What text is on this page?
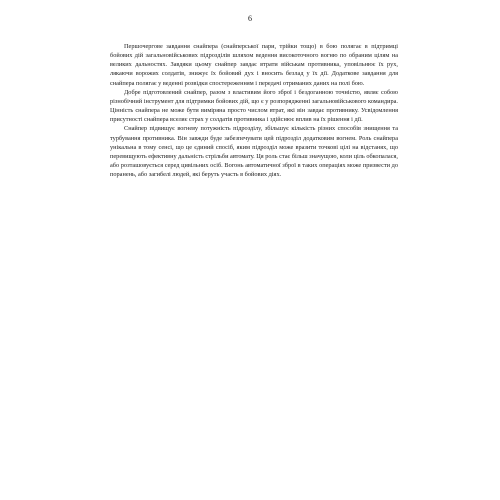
6

Першочергове завдання снайпера (снайперської пари, трійки тощо) в бою полягає в підтримці бойових дій загальновійськових підрозділів шляхом ведення високоточного вогню по обраним цілям на великих дальностях. Завдяки цьому снайпер завдає втрати військам противника, уповільнює їх рух, лякаючи ворожих солдатів, знижує їх бойовий дух і вносить безлад у їх дії. Додаткове завдання для снайпера полягає у веденні розвідки спостереженням і передачі отриманих даних на полі бою.

Добре підготовлений снайпер, разом з властивим його зброї і бездоганною точністю, являє собою різнобічний інструмент для підтримки бойових дій, що є у розпорядженні загальновійськового командира. Цінність снайпера не може бути виміряна просто числом втрат, які він завдає противнику. Усвідомлення присутності снайпера вселяє страх у солдатів противника і здійснює вплив на їх рішення і дії.

Снайпер підвищує вогневу потужність підрозділу, збільшує кількість різних способів знищення та турбування противника. Він завжди буде забезпечувати цей підрозділ додатковим вогнем. Роль снайпера унікальна в тому сенсі, що це єдиний спосіб, яким підрозділ може вразити точкові цілі на відстанях, що перевищують ефективну дальність стрільби автомату. Ця роль стає більш значущою, коли ціль обкопалася, або розташовується серед цивільних осіб. Вогонь автоматичної зброї в таких операціях може призвести до поранень, або загибелі людей, які беруть участь в бойових діях.
